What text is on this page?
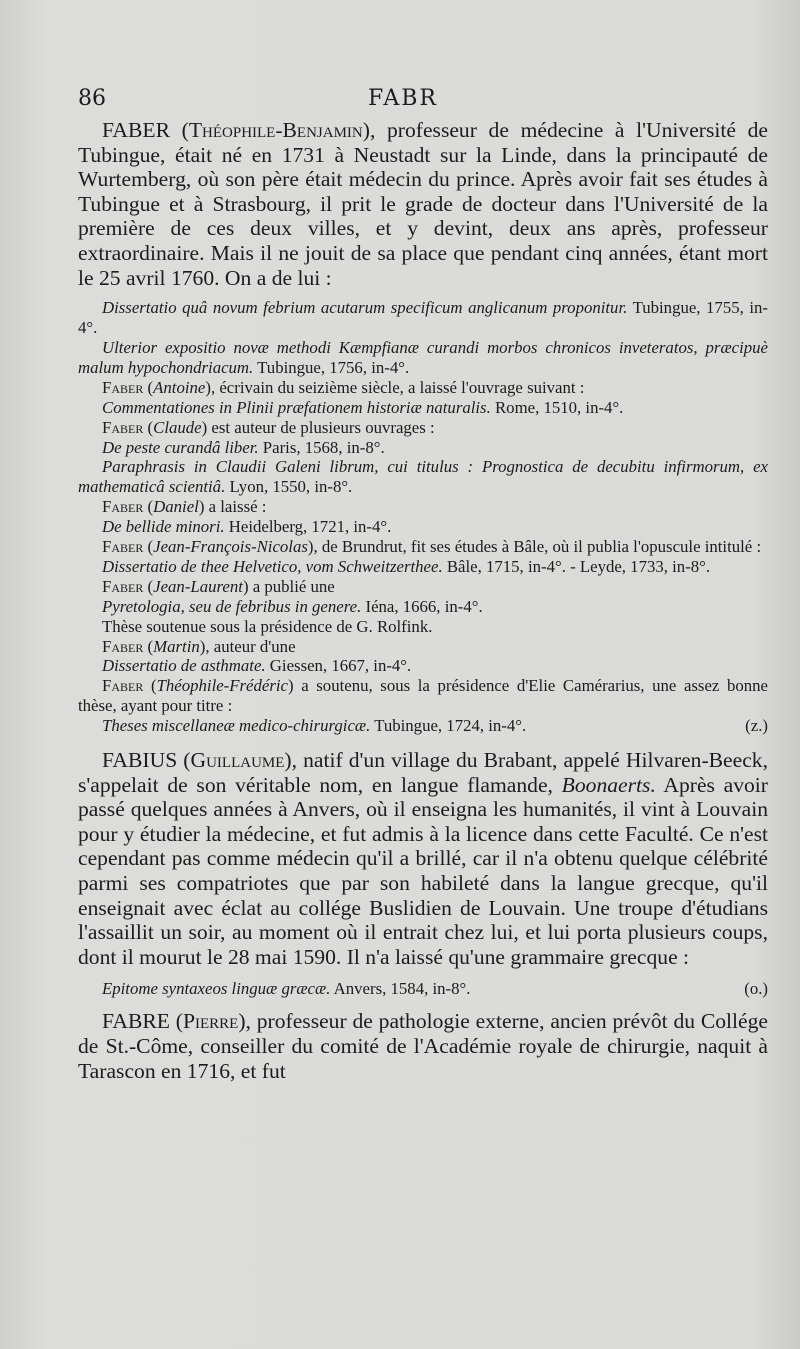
86	FABR

FABER (Théophile-Benjamin), professeur de médecine à l'Université de Tubingue, était né en 1731 à Neustadt sur la Linde, dans la principauté de Wurtemberg, où son père était médecin du prince. Après avoir fait ses études à Tubingue et à Strasbourg, il prit le grade de docteur dans l'Université de la première de ces deux villes, et y devint, deux ans après, professeur extraordinaire. Mais il ne jouit de sa place que pendant cinq années, étant mort le 25 avril 1760. On a de lui :

Dissertatio quâ novum febrium acutarum specificum anglicanum proponitur. Tubingue, 1755, in-4°.

Ulterior expositio novæ methodi Kæmpfianæ curandi morbos chronicos inveteratos, præcipuè malum hypochondriacum. Tubingue, 1756, in-4°.

Faber (Antoine), écrivain du seizième siècle, a laissé l'ouvrage suivant :

Commentationes in Plinii præfationem historiæ naturalis. Rome, 1510, in-4°.

Faber (Claude) est auteur de plusieurs ouvrages :

De peste curandâ liber. Paris, 1568, in-8°.

Paraphrasis in Claudii Galeni librum, cui titulus : Prognostica de decubitu infirmorum, ex mathematicâ scientiâ. Lyon, 1550, in-8°.

Faber (Daniel) a laissé :

De bellide minori. Heidelberg, 1721, in-4°.

Faber (Jean-François-Nicolas), de Brundrut, fit ses études à Bâle, où il publia l'opuscule intitulé :

Dissertatio de thee Helvetico, vom Schweitzerthee. Bâle, 1715, in-4°. - Leyde, 1733, in-8°.

Faber (Jean-Laurent) a publié une

Pyretologia, seu de febribus in genere. Iéna, 1666, in-4°.

Thèse soutenue sous la présidence de G. Rolfink.

Faber (Martin), auteur d'une

Dissertatio de asthmate. Giessen, 1667, in-4°.

Faber (Théophile-Frédéric) a soutenu, sous la présidence d'Elie Camérarius, une assez bonne thèse, ayant pour titre :

Theses miscellaneæ medico-chirurgicæ. Tubingue, 1724, in-4°.	(z.)

FABIUS (Guillaume), natif d'un village du Brabant, appelé Hilvaren-Beeck, s'appelait de son véritable nom, en langue flamande, Boonaerts. Après avoir passé quelques années à Anvers, où il enseigna les humanités, il vint à Louvain pour y étudier la médecine, et fut admis à la licence dans cette Faculté. Ce n'est cependant pas comme médecin qu'il a brillé, car il n'a obtenu quelque célébrité parmi ses compatriotes que par son habileté dans la langue grecque, qu'il enseignait avec éclat au collége Buslidien de Louvain. Une troupe d'étudians l'assaillit un soir, au moment où il entrait chez lui, et lui porta plusieurs coups, dont il mourut le 28 mai 1590. Il n'a laissé qu'une grammaire grecque :

Epitome syntaxeos linguæ græcæ. Anvers, 1584, in-8°.	(o.)

FABRE (Pierre), professeur de pathologie externe, ancien prévôt du Collége de St.-Côme, conseiller du comité de l'Académie royale de chirurgie, naquit à Tarascon en 1716, et fut
